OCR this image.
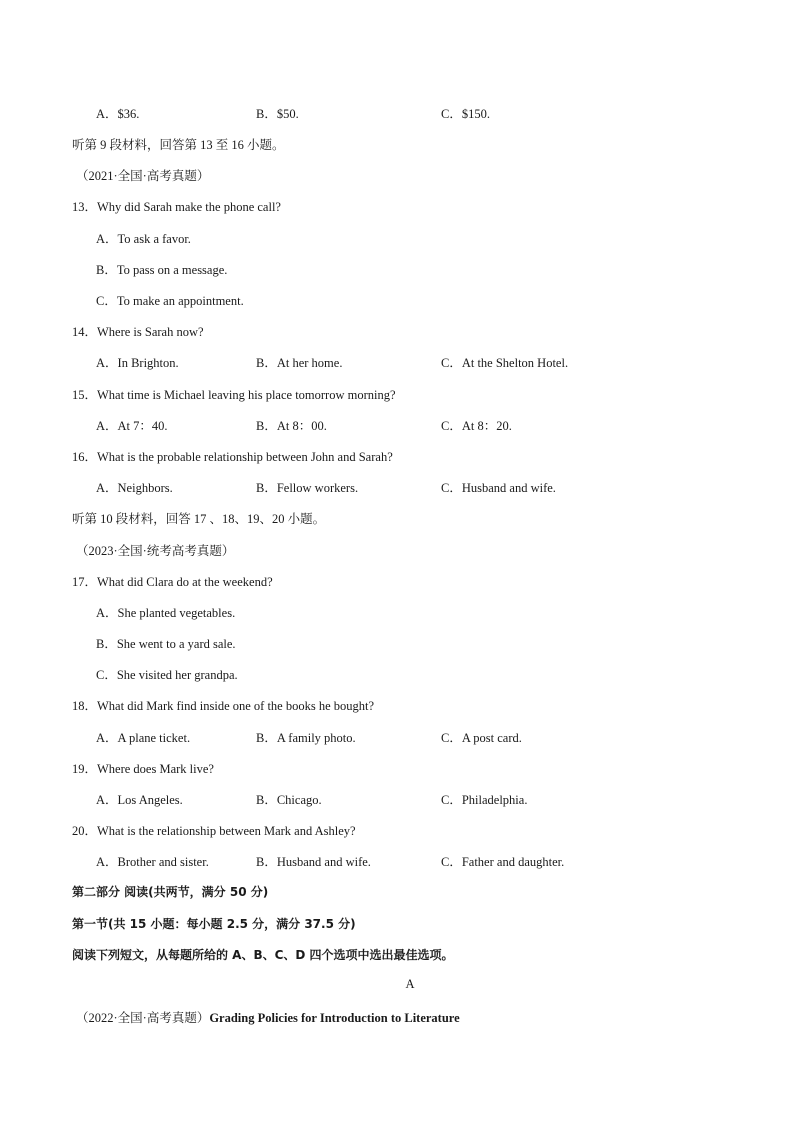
A．$36.	B．$50.	C．$150.
听第 9 段材料，回答第 13 至 16 小题。
（2021·全国·高考真题）
13．Why did Sarah make the phone call?
A．To ask a favor.
B．To pass on a message.
C．To make an appointment.
14．Where is Sarah now?
A．In Brighton.	B．At her home.	C．At the Shelton Hotel.
15．What time is Michael leaving his place tomorrow morning?
A．At 7：40.	B．At 8：00.	C．At 8：20.
16．What is the probable relationship between John and Sarah?
A．Neighbors.	B．Fellow workers.	C．Husband and wife.
听第 10 段材料，回答 17 、18、19、20 小题。
（2023·全国·统考高考真题）
17．What did Clara do at the weekend?
A．She planted vegetables.
B．She went to a yard sale.
C．She visited her grandpa.
18．What did Mark find inside one of the books he bought?
A．A plane ticket.	B．A family photo.	C．A post card.
19．Where does Mark live?
A．Los Angeles.	B．Chicago.	C．Philadelphia.
20．What is the relationship between Mark and Ashley?
A．Brother and sister.	B．Husband and wife.	C．Father and daughter.
第二部分 阅读(共两节，满分 50 分)
第一节(共 15 小题：每小题 2.5 分，满分 37.5 分)
阅读下列短文，从每题所给的 A、B、C、D 四个选项中选出最佳选项。
A
（2022·全国·高考真题）Grading Policies for Introduction to Literature
